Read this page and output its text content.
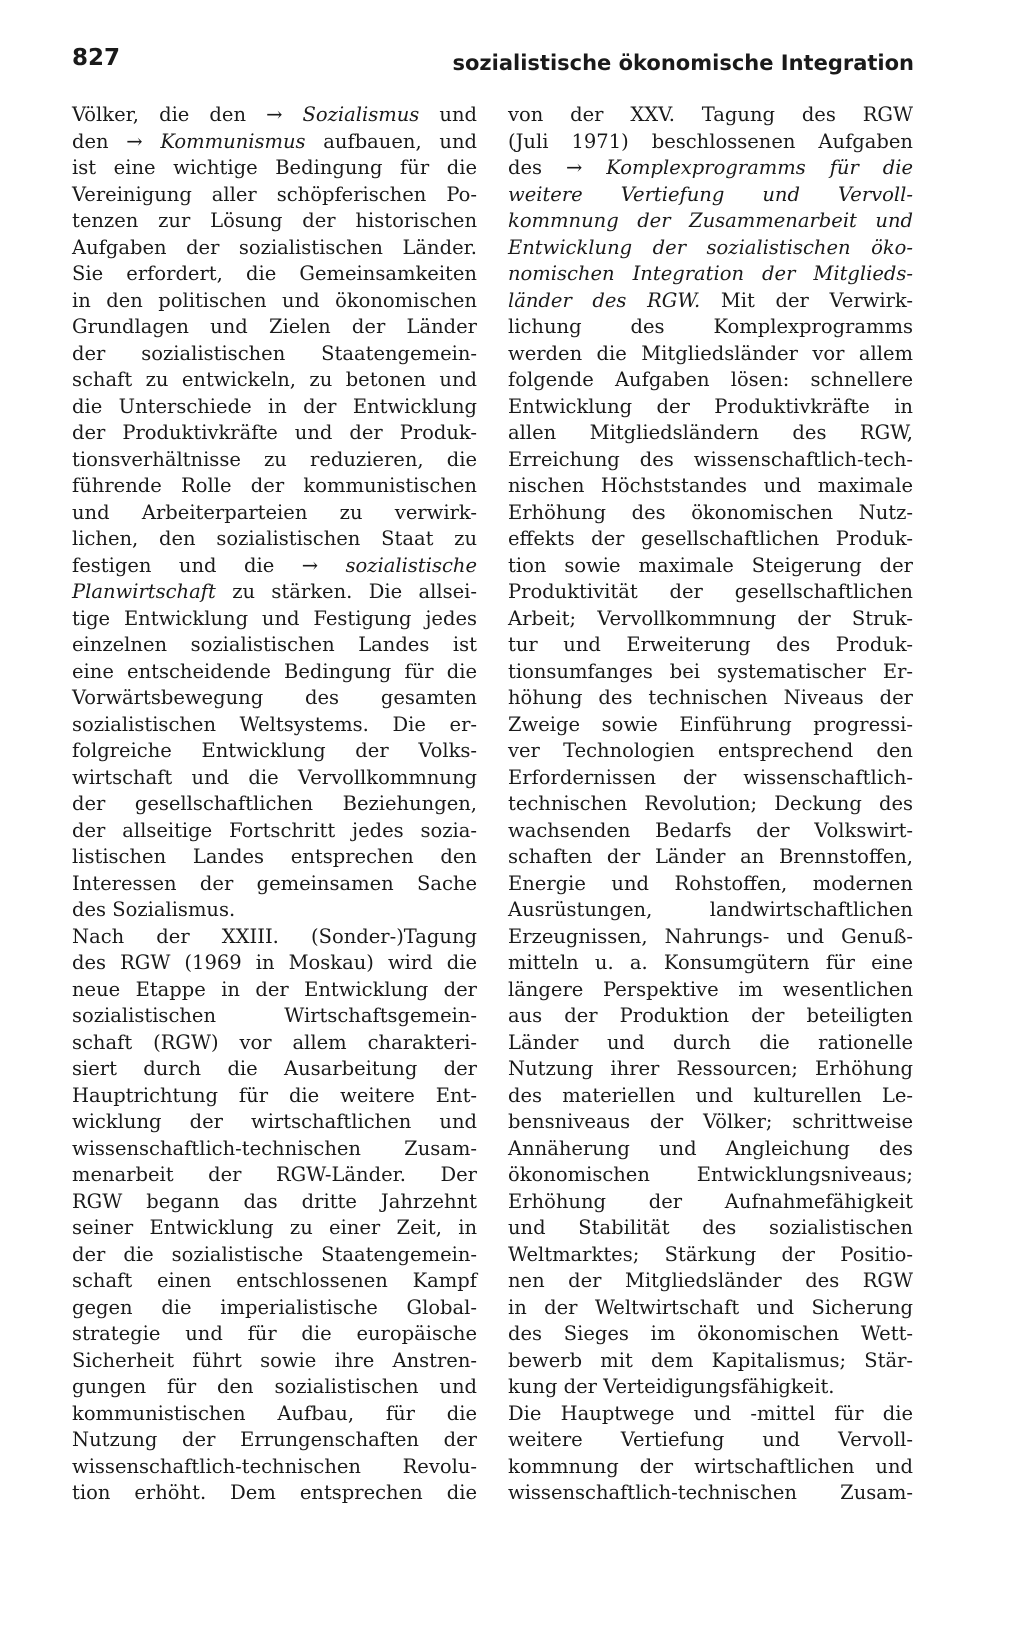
827	sozialistische ökonomische Integration
Völker, die den → Sozialismus und
den → Kommunismus aufbauen, und
ist eine wichtige Bedingung für die
Vereinigung aller schöpferischen Po-
tenzen zur Lösung der historischen
Aufgaben der sozialistischen Länder.
Sie erfordert, die Gemeinsamkeiten
in den politischen und ökonomischen
Grundlagen und Zielen der Länder
der sozialistischen Staatengemein-
schaft zu entwickeln, zu betonen und
die Unterschiede in der Entwicklung
der Produktivkräfte und der Produk-
tionsverhältnisse zu reduzieren, die
führende Rolle der kommunistischen
und Arbeiterparteien zu verwirk-
lichen, den sozialistischen Staat zu
festigen und die → sozialistische
Planwirtschaft zu stärken. Die allsei-
tige Entwicklung und Festigung jedes
einzelnen sozialistischen Landes ist
eine entscheidende Bedingung für die
Vorwärtsbewegung des gesamten
sozialistischen Weltsystems. Die er-
folgreiche Entwicklung der Volks-
wirtschaft und die Vervollkommnung
der gesellschaftlichen Beziehungen,
der allseitige Fortschritt jedes sozia-
listischen Landes entsprechen den
Interessen der gemeinsamen Sache
des Sozialismus.
Nach der XXIII. (Sonder-)Tagung
des RGW (1969 in Moskau) wird die
neue Etappe in der Entwicklung der
sozialistischen Wirtschaftsgemein-
schaft (RGW) vor allem charakteri-
siert durch die Ausarbeitung der
Hauptrichtung für die weitere Ent-
wicklung der wirtschaftlichen und
wissenschaftlich-technischen Zusam-
menarbeit der RGW-Länder. Der
RGW begann das dritte Jahrzehnt
seiner Entwicklung zu einer Zeit, in
der die sozialistische Staatengemein-
schaft einen entschlossenen Kampf
gegen die imperialistische Global-
strategie und für die europäische
Sicherheit führt sowie ihre Anstren-
gungen für den sozialistischen und
kommunistischen Aufbau, für die
Nutzung der Errungenschaften der
wissenschaftlich-technischen Revolu-
tion erhöht. Dem entsprechen die
von der XXV. Tagung des RGW
(Juli 1971) beschlossenen Aufgaben
des → Komplexprogramms für die
weitere Vertiefung und Vervoll-
kommnung der Zusammenarbeit und
Entwicklung der sozialistischen öko-
nomischen Integration der Mitglieds-
länder des RGW. Mit der Verwirk-
lichung des Komplexprogramms
werden die Mitgliedsländer vor allem
folgende Aufgaben lösen: schnellere
Entwicklung der Produktivkräfte in
allen Mitgliedsländern des RGW,
Erreichung des wissenschaftlich-tech-
nischen Höchststandes und maximale
Erhöhung des ökonomischen Nutz-
effekts der gesellschaftlichen Produk-
tion sowie maximale Steigerung der
Produktivität der gesellschaftlichen
Arbeit; Vervollkommnung der Struk-
tur und Erweiterung des Produk-
tionsumfanges bei systematischer Er-
höhung des technischen Niveaus der
Zweige sowie Einführung progressi-
ver Technologien entsprechend den
Erfordernissen der wissenschaftlich-
technischen Revolution; Deckung des
wachsenden Bedarfs der Volkswirt-
schaften der Länder an Brennstoffen,
Energie und Rohstoffen, modernen
Ausrüstungen, landwirtschaftlichen
Erzeugnissen, Nahrungs- und Genuß-
mitteln u. a. Konsumgütern für eine
längere Perspektive im wesentlichen
aus der Produktion der beteiligten
Länder und durch die rationelle
Nutzung ihrer Ressourcen; Erhöhung
des materiellen und kulturellen Le-
bensniveaus der Völker; schrittweise
Annäherung und Angleichung des
ökonomischen Entwicklungsniveaus;
Erhöhung der Aufnahmefähigkeit
und Stabilität des sozialistischen
Weltmarktes; Stärkung der Positio-
nen der Mitgliedsländer des RGW
in der Weltwirtschaft und Sicherung
des Sieges im ökonomischen Wett-
bewerb mit dem Kapitalismus; Stär-
kung der Verteidigungsfähigkeit.
Die Hauptwege und -mittel für die
weitere Vertiefung und Vervoll-
kommnung der wirtschaftlichen und
wissenschaftlich-technischen Zusam-
